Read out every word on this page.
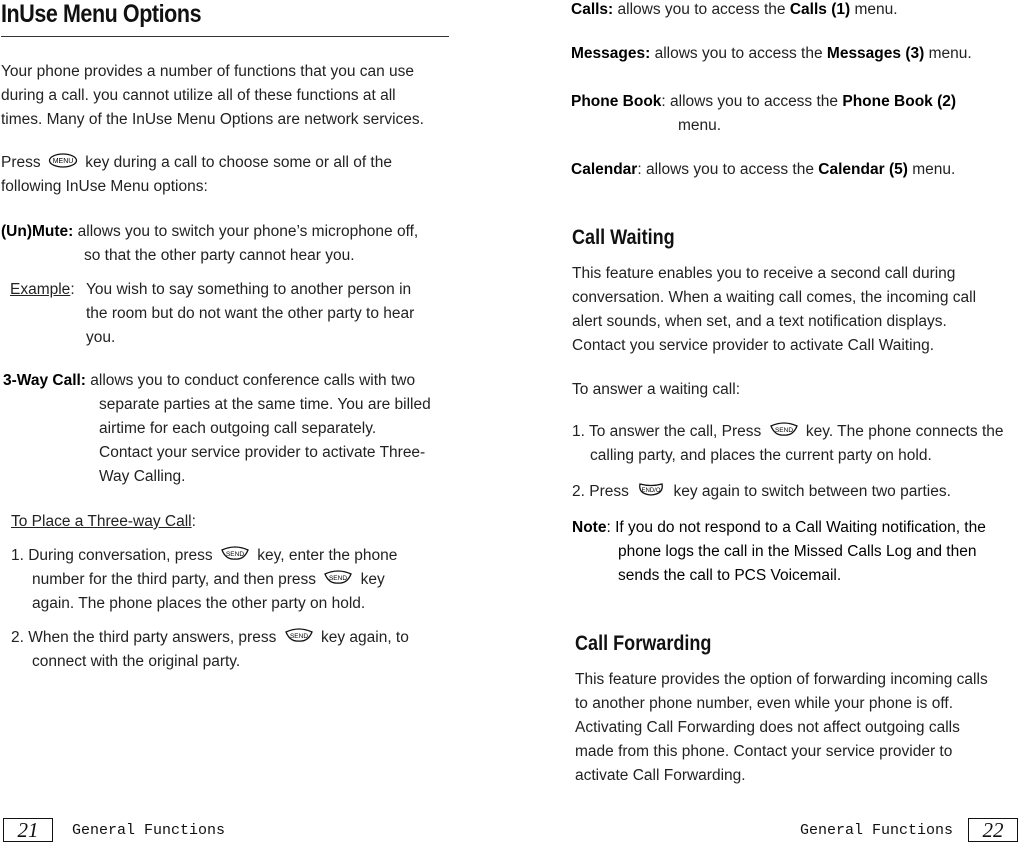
InUse Menu Options
Your phone provides a number of functions that you can use
during a call. you cannot utilize all of these functions at all
times. Many of the InUse Menu Options are network services.
Press MENU key during a call to choose some or all of the
following InUse Menu options:
(Un)Mute: allows you to switch your phone’s microphone off,
so that the other party cannot hear you.
Example: You wish to say something to another person in
the room but do not want the other party to hear
you.
3-Way Call: allows you to conduct conference calls with two
separate parties at the same time. You are billed
airtime for each outgoing call separately.
Contact your service provider to activate Three-
Way Calling.
To Place a Three-way Call:
1. During conversation, press SEND key, enter the phone
number for the third party, and then press SEND key
again. The phone places the other party on hold.
2. When the third party answers, press SEND key again, to
connect with the original party.
21 General Functions
Calls: allows you to access the Calls (1) menu.
Messages: allows you to access the Messages (3) menu.
Phone Book: allows you to access the Phone Book (2)
menu.
Calendar: allows you to access the Calendar (5) menu.
Call Waiting
This feature enables you to receive a second call during
conversation. When a waiting call comes, the incoming call
alert sounds, when set, and a text notification displays.
Contact you service provider to activate Call Waiting.
To answer a waiting call:
1. To answer the call, Press SEND key. The phone connects the
calling party, and places the current party on hold.
2. Press END/O key again to switch between two parties.
Note: If you do not respond to a Call Waiting notification, the
phone logs the call in the Missed Calls Log and then
sends the call to PCS Voicemail.
Call Forwarding
This feature provides the option of forwarding incoming calls
to another phone number, even while your phone is off.
Activating Call Forwarding does not affect outgoing calls
made from this phone. Contact your service provider to
activate Call Forwarding.
General Functions 22
